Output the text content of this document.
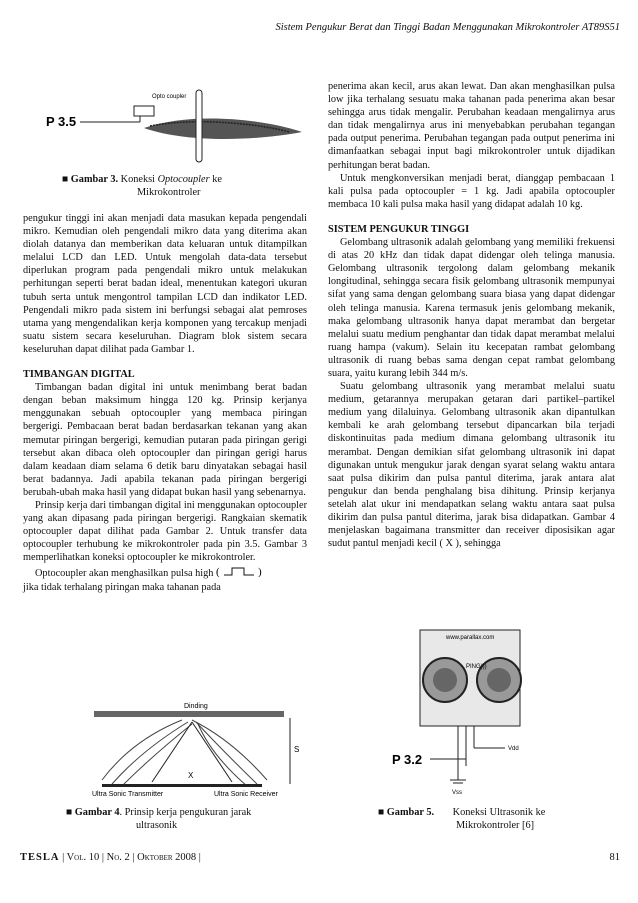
Sistem Pengukur Berat dan Tinggi Badan Menggunakan Mikrokontroler AT89S51
P 3.5
Opto coupler
■ Gambar 3. Koneksi Optocoupler ke
Mikrokontroler

pengukur tinggi ini akan menjadi data masukan kepada pengendali mikro. Kemudian oleh pengendali mikro data yang diterima akan diolah datanya dan memberikan data keluaran untuk ditampilkan melalui LCD dan LED. Untuk mengolah data-data tersebut diperlukan program pada pengendali mikro untuk melakukan perhitungan seperti berat badan ideal, menentukan kategori ukuran tubuh serta untuk mengontrol tampilan LCD dan indikator LED. Pengendali mikro pada sistem ini berfungsi sebagai alat pemroses utama yang mengendalikan kerja komponen yang tercakup menjadi suatu sistem secara keseluruhan. Diagram blok sistem secara keseluruhan dapat dilihat pada Gambar 1.

TIMBANGAN DIGITAL

Timbangan badan digital ini untuk menimbang berat badan dengan beban maksimum hingga 120 kg. Prinsip kerjanya menggunakan sebuah optocoupler yang membaca piringan bergerigi. Pembacaan berat badan berdasarkan tekanan yang akan memutar piringan bergerigi, kemudian putaran pada piringan gerigi tersebut akan dibaca oleh optocoupler dan piringan gerigi harus dalam keadaan diam selama 6 detik baru dinyatakan sebagai hasil berat badannya. Jadi apabila tekanan pada piringan bergerigi berubah-ubah maka hasil yang didapat bukan hasil yang sebenarnya.

Prinsip kerja dari timbangan digital ini menggunakan optocoupler yang akan dipasang pada piringan bergerigi. Rangkaian skematik optocoupler dapat dilihat pada Gambar 2. Untuk transfer data optocoupler terhubung ke mikrokontroler pada pin 3.5. Gambar 3 memperlihatkan koneksi optocoupler ke mikrokontroler.

Optocoupler akan menghasilkan pulsa high (	)

jika tidak terhalang piringan maka tahanan pada

penerima akan kecil, arus akan lewat. Dan akan menghasilkan pulsa low jika terhalang sesuatu maka tahanan pada penerima akan besar sehingga arus tidak mengalir. Perubahan keadaan mengalirnya arus dan tidak mengalirnya arus ini menyebabkan perubahan tegangan pada output penerima. Perubahan tegangan pada output penerima ini dimanfaatkan sebagai input bagi mikrokontroler untuk dijadikan perhitungan berat badan.

Untuk mengkonversikan menjadi berat, dianggap pembacaan 1 kali pulsa pada optocoupler = 1 kg. Jadi apabila optocoupler membaca 10 kali pulsa maka hasil yang didapat adalah 10 kg.

SISTEM PENGUKUR TINGGI

Gelombang ultrasonik adalah gelombang yang memiliki frekuensi di atas 20 kHz dan tidak dapat didengar oleh telinga manusia. Gelombang ultrasonik tergolong dalam gelombang mekanik longitudinal, sehingga secara fisik gelombang ultrasonik mempunyai sifat yang sama dengan gelombang suara biasa yang dapat didengar oleh telinga manusia. Karena termasuk jenis gelombang mekanik, maka gelombang ultrasonik hanya dapat merambat dan bergetar melalui suatu medium penghantar dan tidak dapat merambat melalui ruang hampa (vakum). Selain itu kecepatan rambat gelombang ultrasonik di ruang bebas sama dengan cepat rambat gelombang suara, yaitu kurang lebih 344 m/s.

Suatu gelombang ultrasonik yang merambat melalui suatu medium, getarannya merupakan getaran dari partikel–partikel medium yang dilaluinya. Gelombang ultrasonik akan dipantulkan kembali ke arah gelombang tersebut dipancarkan bila terjadi diskontinuitas pada medium dimana gelombang ultrasonik itu merambat. Dengan demikian sifat gelombang ultrasonik ini dapat digunakan untuk mengukur jarak dengan syarat selang waktu antara saat pulsa dikirim dan pulsa pantul diterima, jarak antara alat pengukur dan benda penghalang bisa dihitung. Prinsip kerjanya setelah alat ukur ini mendapatkan selang waktu antara saat pulsa dikirim dan pulsa pantul diterima, jarak bisa didapatkan. Gambar 4 menjelaskan bagaimana transmitter dan receiver diposisikan agar sudut pantul menjadi kecil ( X ), sehingga

Dinding
S
X
Ultra Sonic Transmitter	Ultra Sonic Receiver
■ Gambar 4. Prinsip kerja pengukuran jarak
ultrasonik
www.parallax.com
PING)))
P 3.2
Vdd
Vss
■ Gambar 5. Koneksi Ultrasonik ke
Mikrokontroler [6]
TESLA | Vol. 10 | No. 2 | Oktober 2008 |	81
